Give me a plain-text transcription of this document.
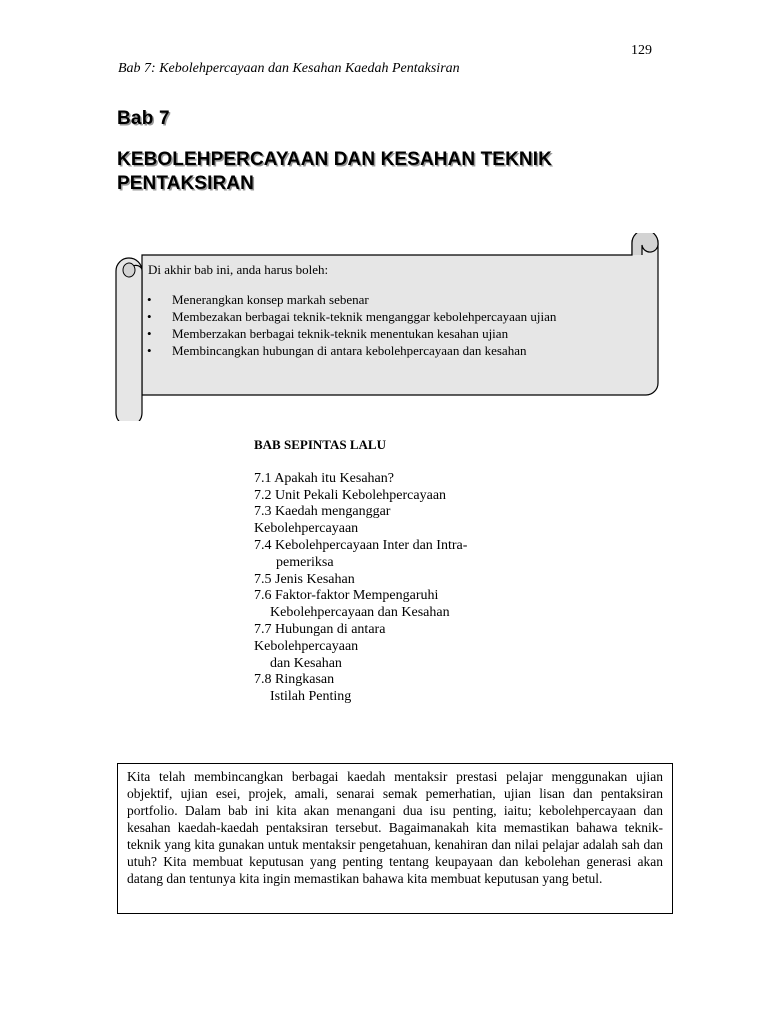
129
Bab 7: Kebolehpercayaan dan Kesahan Kaedah Pentaksiran
Bab 7
KEBOLEHPERCAYAAN DAN KESAHAN TEKNIK PENTAKSIRAN

Di akhir bab ini, anda harus boleh:

• Menerangkan konsep markah sebenar
• Membezakan berbagai teknik-teknik menganggar kebolehpercayaan ujian
• Memberzakan berbagai teknik-teknik menentukan kesahan ujian
• Membincangkan hubungan di antara kebolehpercayaan dan kesahan

BAB SEPINTAS LALU

7.1 Apakah itu Kesahan?
7.2 Unit Pekali Kebolehpercayaan
7.3 Kaedah menganggar Kebolehpercayaan
7.4 Kebolehpercayaan Inter dan Intra-
pemeriksa
7.5 Jenis Kesahan
7.6 Faktor-faktor Mempengaruhi
Kebolehpercayaan dan Kesahan
7.7 Hubungan di antara Kebolehpercayaan
dan Kesahan
7.8 Ringkasan
Istilah Penting
Kita telah membincangkan berbagai kaedah mentaksir prestasi pelajar menggunakan ujian objektif, ujian esei, projek, amali, senarai semak pemerhatian, ujian lisan dan pentaksiran portfolio. Dalam bab ini kita akan menangani dua isu penting, iaitu; kebolehpercayaan dan kesahan kaedah-kaedah pentaksiran tersebut. Bagaimanakah kita memastikan bahawa teknik-teknik yang kita gunakan untuk mentaksir pengetahuan, kenahiran dan nilai pelajar adalah sah dan utuh? Kita membuat keputusan yang penting tentang keupayaan dan kebolehan generasi akan datang dan tentunya kita ingin memastikan bahawa kita membuat keputusan yang betul.
